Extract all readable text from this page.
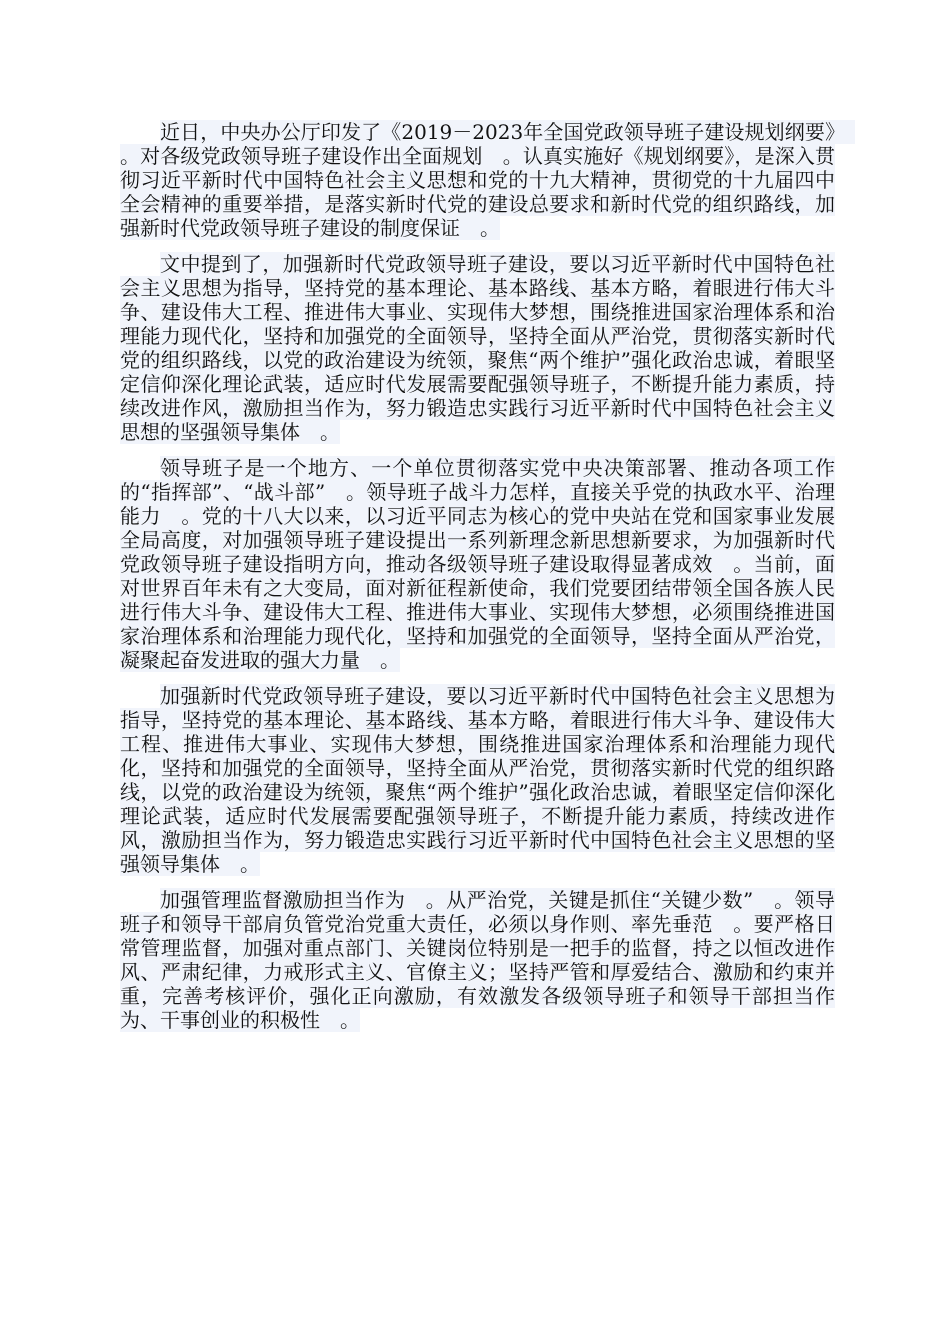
近日，中央办公厅印发了《2019－2023年全国党政领导班子建设规划纲要》　。对各级党政领导班子建设作出全面规划　。认真实施好《规划纲要》，是深入贯彻习近平新时代中国特色社会主义思想和党的十九大精神，贯彻党的十九届四中全会精神的重要举措，是落实新时代党的建设总要求和新时代党的组织路线，加强新时代党政领导班子建设的制度保证　。

文中提到了，加强新时代党政领导班子建设，要以习近平新时代中国特色社会主义思想为指导，坚持党的基本理论、基本路线、基本方略，着眼进行伟大斗争、建设伟大工程、推进伟大事业、实现伟大梦想，围绕推进国家治理体系和治理能力现代化，坚持和加强党的全面领导，坚持全面从严治党，贯彻落实新时代党的组织路线，以党的政治建设为统领，聚焦“两个维护”强化政治忠诚，着眼坚定信仰深化理论武装，适应时代发展需要配强领导班子，不断提升能力素质，持续改进作风，激励担当作为，努力锻造忠实践行习近平新时代中国特色社会主义思想的坚强领导集体　。

领导班子是一个地方、一个单位贯彻落实党中央决策部署、推动各项工作的“指挥部”、“战斗部”　。领导班子战斗力怎样，直接关乎党的执政水平、治理能力　。党的十八大以来，以习近平同志为核心的党中央站在党和国家事业发展全局高度，对加强领导班子建设提出一系列新理念新思想新要求，为加强新时代党政领导班子建设指明方向，推动各级领导班子建设取得显著成效　。当前，面对世界百年未有之大变局，面对新征程新使命，我们党要团结带领全国各族人民进行伟大斗争、建设伟大工程、推进伟大事业、实现伟大梦想，必须围绕推进国家治理体系和治理能力现代化，坚持和加强党的全面领导，坚持全面从严治党，凝聚起奋发进取的强大力量　。

加强新时代党政领导班子建设，要以习近平新时代中国特色社会主义思想为指导，坚持党的基本理论、基本路线、基本方略，着眼进行伟大斗争、建设伟大工程、推进伟大事业、实现伟大梦想，围绕推进国家治理体系和治理能力现代化，坚持和加强党的全面领导，坚持全面从严治党，贯彻落实新时代党的组织路线，以党的政治建设为统领，聚焦“两个维护”强化政治忠诚，着眼坚定信仰深化理论武装，适应时代发展需要配强领导班子，不断提升能力素质，持续改进作风，激励担当作为，努力锻造忠实践行习近平新时代中国特色社会主义思想的坚强领导集体　。

加强管理监督激励担当作为　。从严治党，关键是抓住“关键少数”　。领导班子和领导干部肩负管党治党重大责任，必须以身作则、率先垂范　。要严格日常管理监督，加强对重点部门、关键岗位特别是一把手的监督，持之以恒改进作风、严肃纪律，力戒形式主义、官僚主义；坚持严管和厚爱结合、激励和约束并重，完善考核评价，强化正向激励，有效激发各级领导班子和领导干部担当作为、干事创业的积极性　。
